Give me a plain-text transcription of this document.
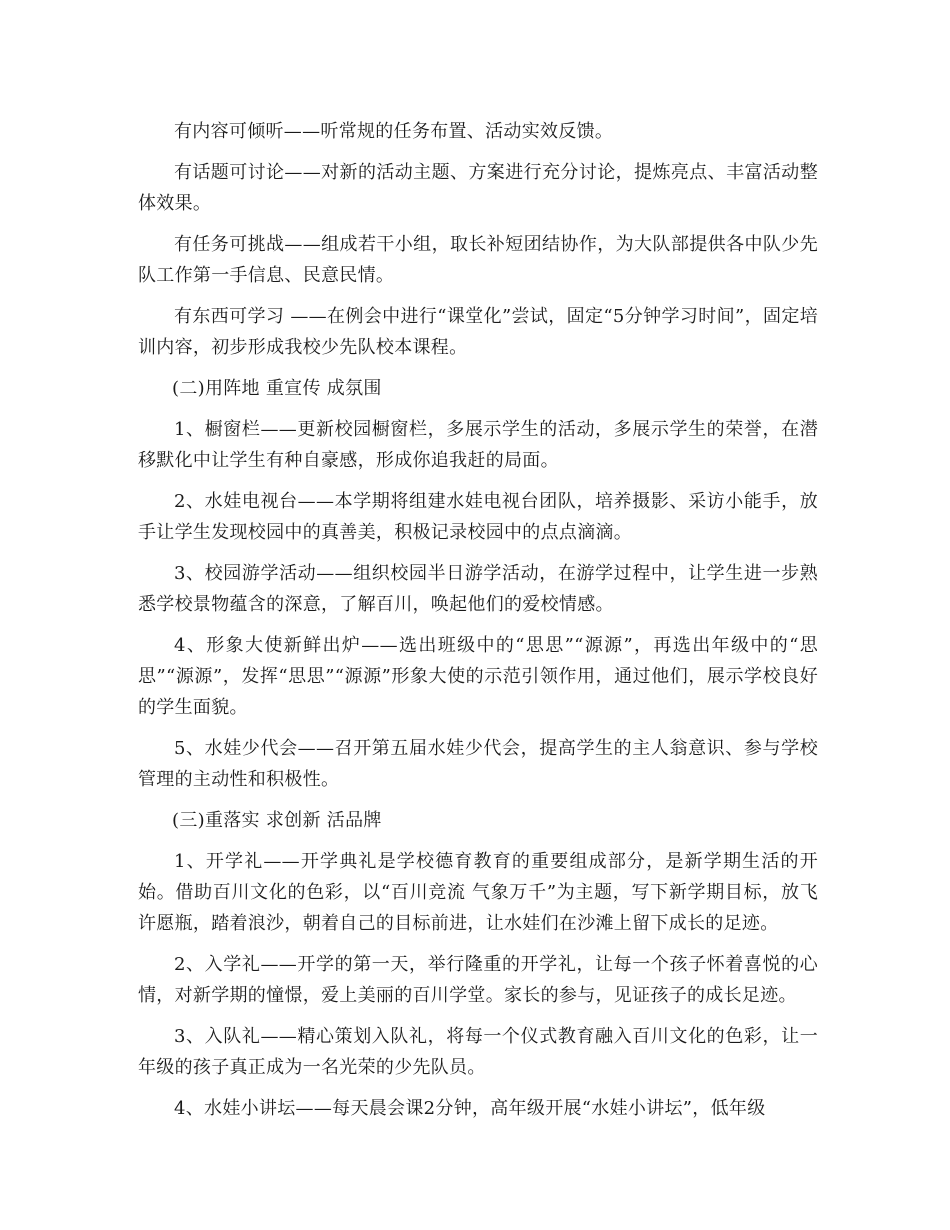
有内容可倾听——听常规的任务布置、活动实效反馈。

有话题可讨论——对新的活动主题、方案进行充分讨论，提炼亮点、丰富活动整体效果。

有任务可挑战——组成若干小组，取长补短团结协作，为大队部提供各中队少先队工作第一手信息、民意民情。

有东西可学习 ——在例会中进行“课堂化”尝试，固定“5分钟学习时间”，固定培训内容，初步形成我校少先队校本课程。

(二)用阵地 重宣传 成氛围

1、橱窗栏——更新校园橱窗栏，多展示学生的活动，多展示学生的荣誉，在潜移默化中让学生有种自豪感，形成你追我赶的局面。

2、水娃电视台——本学期将组建水娃电视台团队，培养摄影、采访小能手，放手让学生发现校园中的真善美，积极记录校园中的点点滴滴。

3、校园游学活动——组织校园半日游学活动，在游学过程中，让学生进一步熟悉学校景物蕴含的深意，了解百川，唤起他们的爱校情感。

4、形象大使新鲜出炉——选出班级中的“思思”“源源”，再选出年级中的“思思”“源源”，发挥“思思”“源源”形象大使的示范引领作用，通过他们，展示学校良好的学生面貌。

5、水娃少代会——召开第五届水娃少代会，提高学生的主人翁意识、参与学校管理的主动性和积极性。

(三)重落实 求创新 活品牌

1、开学礼——开学典礼是学校德育教育的重要组成部分，是新学期生活的开始。借助百川文化的色彩，以“百川竞流 气象万千”为主题，写下新学期目标，放飞许愿瓶，踏着浪沙，朝着自己的目标前进，让水娃们在沙滩上留下成长的足迹。

2、入学礼——开学的第一天，举行隆重的开学礼，让每一个孩子怀着喜悦的心情，对新学期的憧憬，爱上美丽的百川学堂。家长的参与，见证孩子的成长足迹。

3、入队礼——精心策划入队礼，将每一个仪式教育融入百川文化的色彩，让一年级的孩子真正成为一名光荣的少先队员。

4、水娃小讲坛——每天晨会课2分钟，高年级开展“水娃小讲坛”，低年级
